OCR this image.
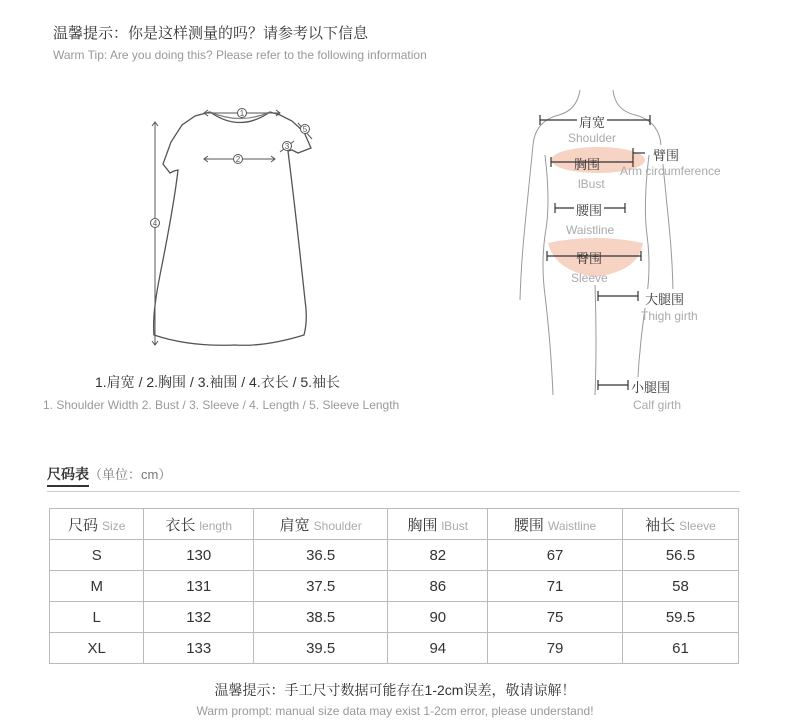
温馨提示：你是这样测量的吗？请参考以下信息
Warm Tip: Are you doing this? Please refer to the following information
1
2
3
4
5
1.肩宽 / 2.胸围 / 3.袖围 / 4.衣长 / 5.袖长
1. Shoulder Width 2. Bust / 3. Sleeve / 4. Length / 5. Sleeve Length
肩宽
Shoulder
胸围
lBust
臂围
Arm circumference
腰围
Waistline
臀围
Sleeve
大腿围
Thigh girth
小腿围
Calf girth
尺码表（单位：cm）
尺码 Size	衣长 length	肩宽 Shoulder	胸围 lBust	腰围 Waistline	袖长 Sleeve
S	130	36.5	82	67	56.5
M	131	37.5	86	71	58
L	132	38.5	90	75	59.5
XL	133	39.5	94	79	61
温馨提示：手工尺寸数据可能存在1-2cm误差，敬请谅解！
Warm prompt: manual size data may exist 1-2cm error, please understand!
